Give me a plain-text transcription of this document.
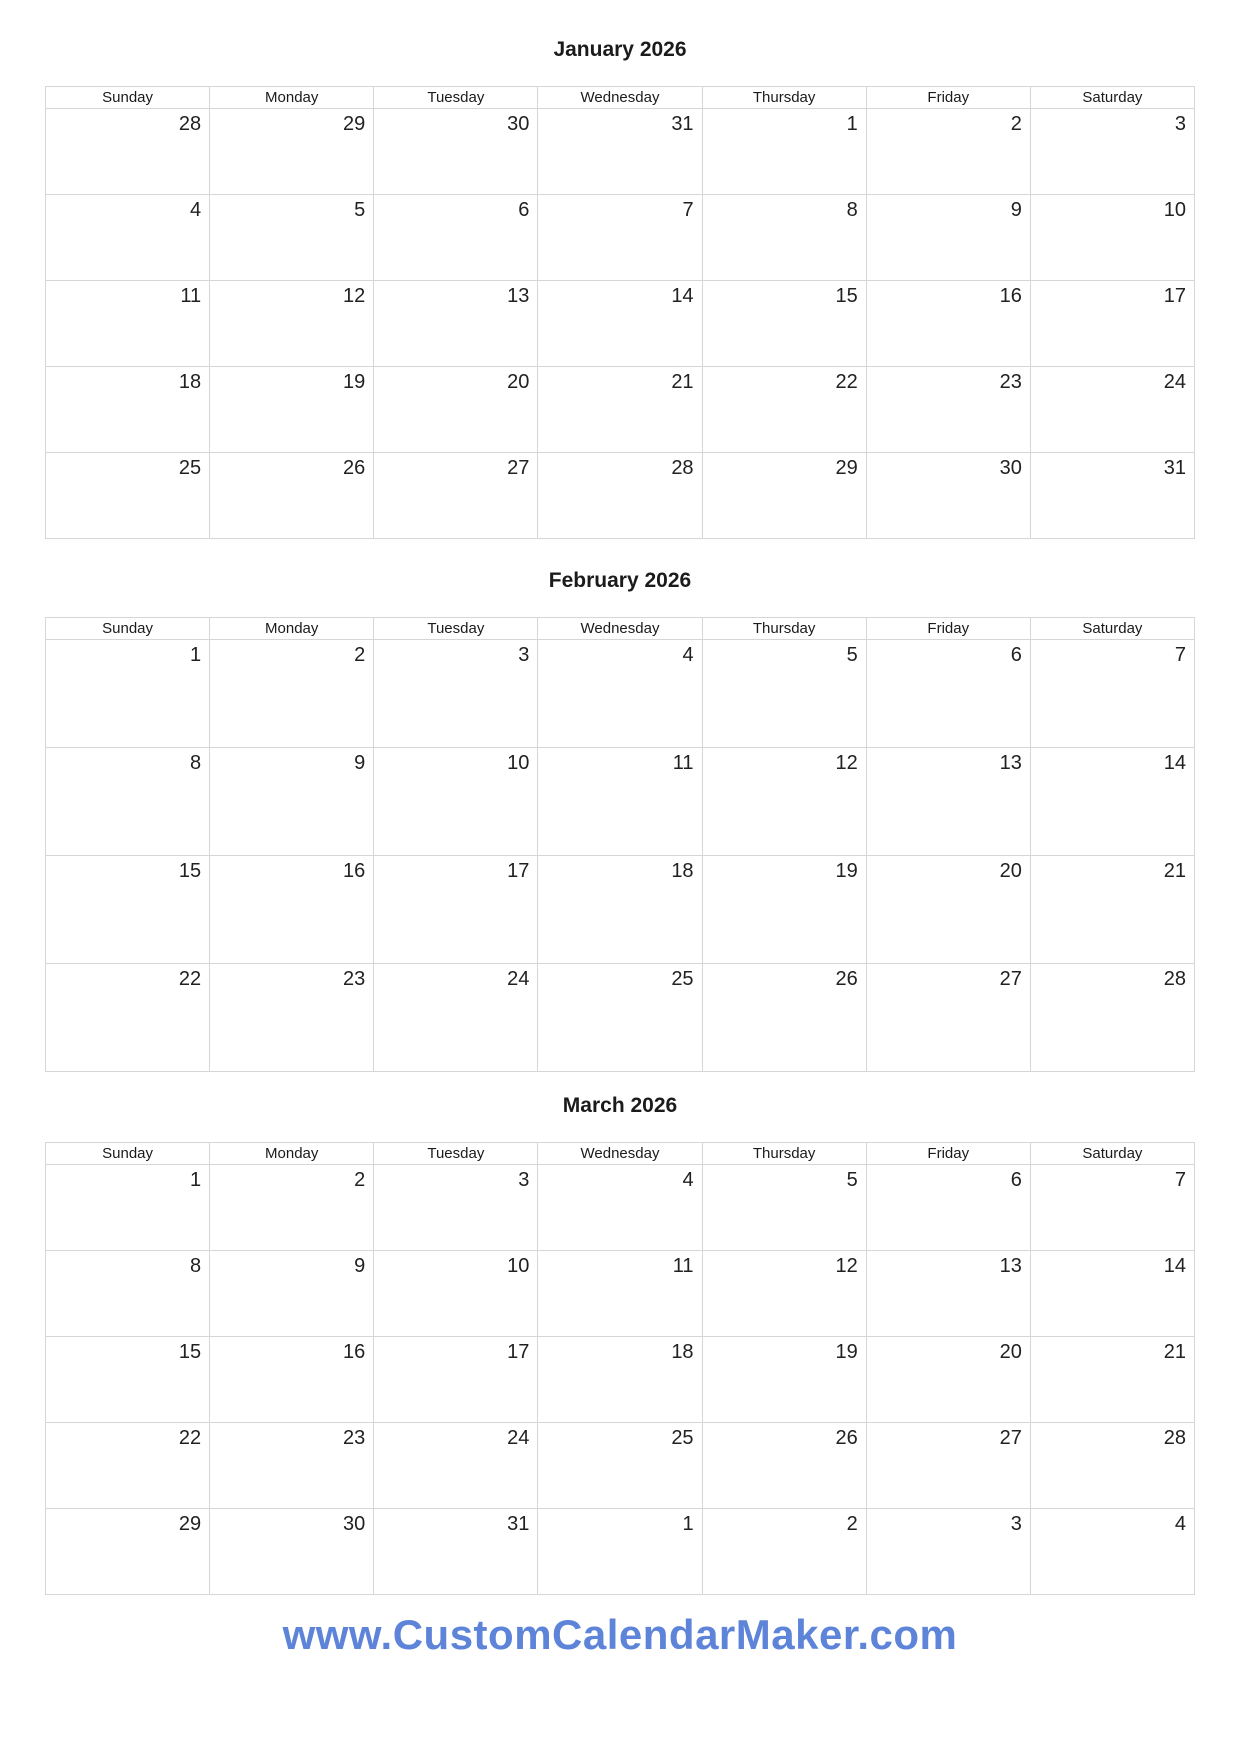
January 2026
Sunday	Monday	Tuesday	Wednesday	Thursday	Friday	Saturday
28	29	30	31	1	2	3
4	5	6	7	8	9	10
11	12	13	14	15	16	17
18	19	20	21	22	23	24
25	26	27	28	29	30	31
February 2026
Sunday	Monday	Tuesday	Wednesday	Thursday	Friday	Saturday
1	2	3	4	5	6	7
8	9	10	11	12	13	14
15	16	17	18	19	20	21
22	23	24	25	26	27	28
March 2026
Sunday	Monday	Tuesday	Wednesday	Thursday	Friday	Saturday
1	2	3	4	5	6	7
8	9	10	11	12	13	14
15	16	17	18	19	20	21
22	23	24	25	26	27	28
29	30	31	1	2	3	4
www.CustomCalendarMaker.com
